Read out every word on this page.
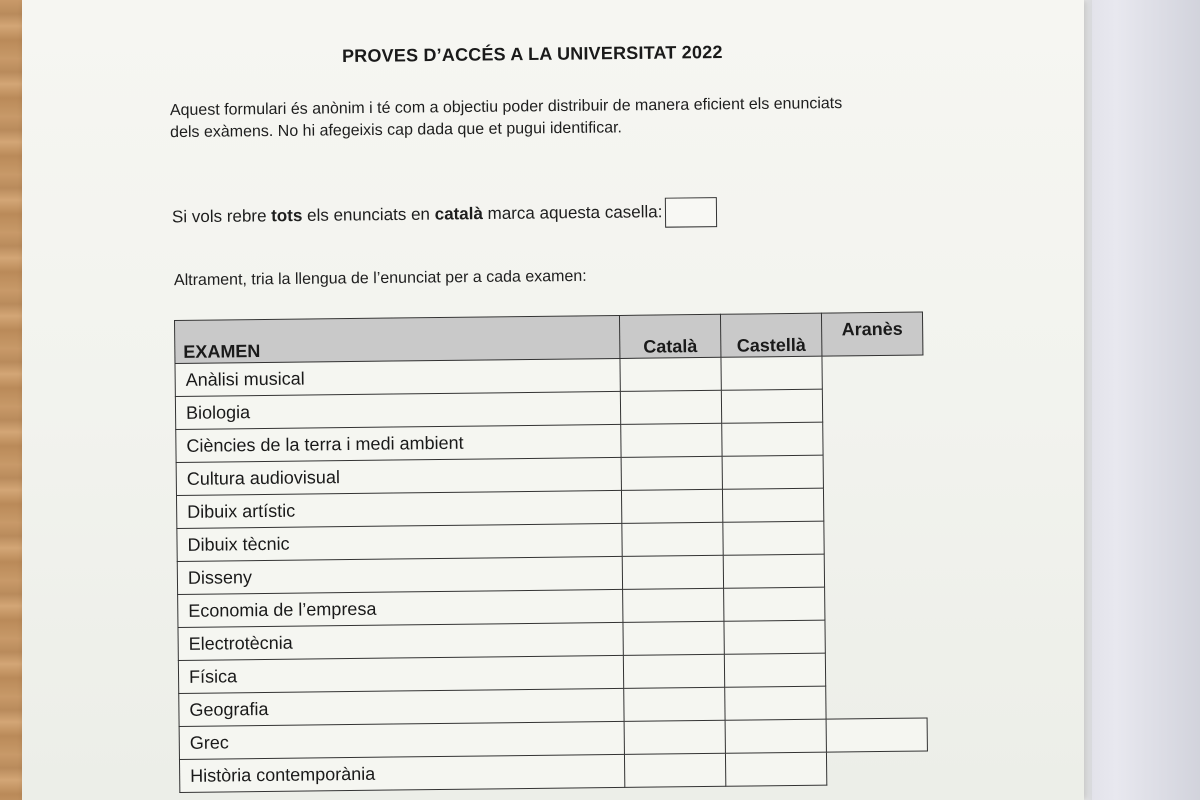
PROVES D’ACCÉS A LA UNIVERSITAT 2022
Aquest formulari és anònim i té com a objectiu poder distribuir de manera eficient els enunciats
dels exàmens. No hi afegeixis cap dada que et pugui identificar.
Si vols rebre tots els enunciats en català marca aquesta casella:
Altrament, tria la llengua de l’enunciat per a cada examen:
EXAMEN	Català	Castellà	Aranès
Anàlisi musical			
Biologia			
Ciències de la terra i medi ambient			
Cultura audiovisual			
Dibuix artístic			
Dibuix tècnic			
Disseny			
Economia de l’empresa			
Electrotècnia			
Física			
Geografia			
Grec			
Història contemporània			
